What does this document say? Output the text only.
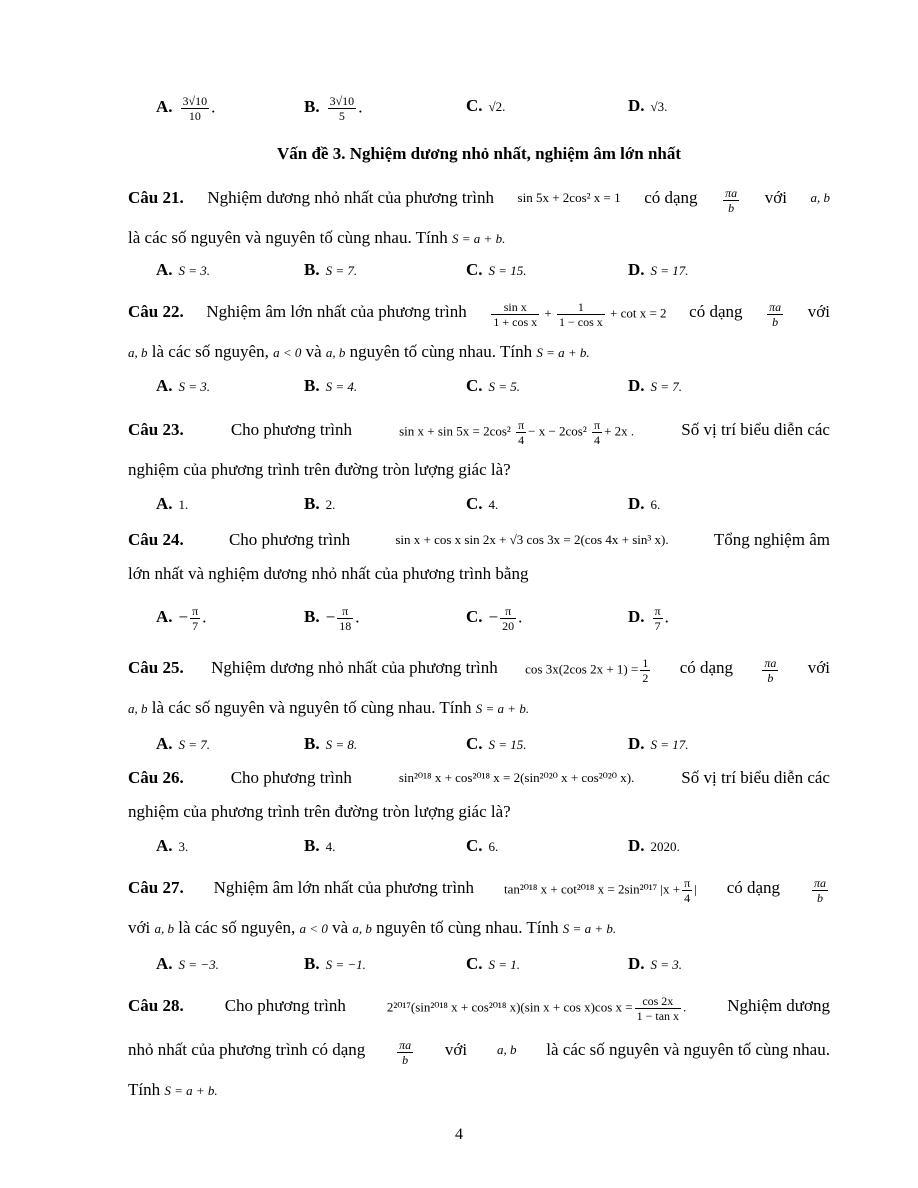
A. $\frac{3√10}{10}$ .	B. $\frac{3√10}{5}$ .	C. √2.	D. √3.
Vấn đề 3. Nghiệm dương nhỏ nhất, nghiệm âm lớn nhất
Câu 21. Nghiệm dương nhỏ nhất của phương trình sin 5x + 2cos² x = 1 có dạng $\frac{\pi a}{b}$ với a, b
là các số nguyên và nguyên tố cùng nhau. Tính S = a + b.
A. S = 3.	B. S = 7.	C. S = 15.	D. S = 17.
Câu 22. Nghiệm âm lớn nhất của phương trình $\frac{\text{sin x}}{\text{1 + cos x}} + \frac{1}{\text{1 − cos x}} + \cot x = 2$ có dạng $\frac{\pi a}{b}$ với
a, b là các số nguyên, a < 0 và a, b nguyên tố cùng nhau. Tính S = a + b.
A. S = 3.	B. S = 4.	C. S = 5.	D. S = 7.
Câu 23.	Cho phương trình	$\sin x + \sin 5x = 2\cos^2 \frac{\pi}{4} - x - 2\cos^2 \frac{\pi}{4} + 2x$ .	Số vị trí biểu diễn các
nghiệm của phương trình trên đường tròn lượng giác là?
A. 1.	B. 2.	C. 4.	D. 6.
Câu 24.	Cho phương trình	sin x + cos x sin 2x + √3 cos 3x = 2(cos 4x + sin³ x).	Tổng nghiệm âm
lớn nhất và nghiệm dương nhỏ nhất của phương trình bằng
A. − $\frac{\pi}{7}$ .	B. − $\frac{\pi}{18}$ .	C. − $\frac{\pi}{20}$ .	D. $\frac{\pi}{7}$ .
Câu 25. Nghiệm dương nhỏ nhất của phương trình cos 3x(2cos $2x + 1) = \frac{1}{2}$ có dạng $\frac{\pi a}{b}$ với
a, b là các số nguyên và nguyên tố cùng nhau. Tính S = a + b.
A. S = 7.	B. S = 8.	C. S = 15.	D. S = 17.
Câu 26.	Cho phương trình	sin²⁰¹⁸ x + cos²⁰¹⁸ x = 2(sin²⁰²⁰ x + cos²⁰²⁰ x).	Số vị trí biểu diễn các
nghiệm của phương trình trên đường tròn lượng giác là?
A. 3.	B. 4.	C. 6.	D. 2020.
Câu 27. Nghiệm âm lớn nhất của phương trình tan²⁰¹⁸ x + cot²⁰¹⁸ x = 2sin²⁰¹⁷ $|x + \frac{\pi}{4}$ | có dạng	$\frac{\pi a}{b}$
với a, b là các số nguyên, a < 0 và a, b nguyên tố cùng nhau. Tính S = a + b.
A. S = −3.	B. S = −1.	C. S = 1.	D. S = 3.
Câu 28. Cho phương trình	2²⁰¹⁷(sin²⁰¹⁸ x + cos²⁰¹⁸ x)(sin x + cos x)cos $x = \frac{\cos 2x}{\text{1 − tan x}}$ . Nghiệm dương
nhỏ nhất của phương trình có dạng	$\frac{\pi a}{b}$ với a, b là các số nguyên và nguyên tố cùng nhau.
Tính S = a + b.
4
